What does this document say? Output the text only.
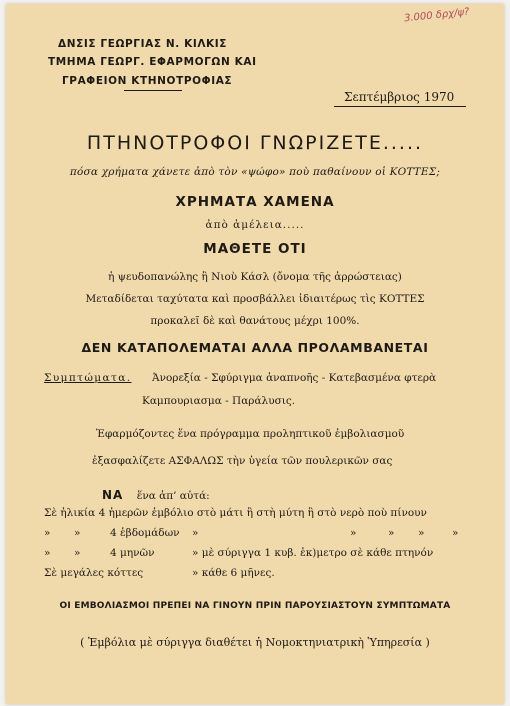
3.000 δρχ/ψ?
ΔΝΣΙΣ ΓΕΩΡΓΙΑΣ Ν. ΚΙΛΚΙΣ
ΤΜΗΜΑ ΓΕΩΡΓ. ΕΦΑΡΜΟΓΩΝ ΚΑΙ
ΓΡΑΦΕΙΟΝ ΚΤΗΝΟΤΡΟΦΙΑΣ
Σεπτέμβριος 1970
ΠΤΗΝΟΤΡΟΦΟΙ ΓΝΩΡΙΖΕΤΕ.....
πόσα χρήματα χάνετε ἀπὸ τὸν «ψώφο» ποὺ παθαίνουν οἱ ΚΟΤΤΕΣ;
ΧΡΗΜΑΤΑ ΧΑΜΕΝΑ
ἀπὸ ἀμέλεια.....
ΜΑΘΕΤΕ ΟΤΙ
ἡ ψευδοπανώλης ἢ Νιοὺ Κάσλ (ὄνομα τῆς ἀρρώστειας)
Μεταδίδεται ταχύτατα καὶ προσβάλλει ἰδιαιτέρως τὶς ΚΟΤΤΕΣ
προκαλεῖ δὲ καὶ θανάτους μέχρι 100%.
ΔΕΝ ΚΑΤΑΠΟΛΕΜΑΤΑΙ ΑΛΛΑ ΠΡΟΛΑΜΒΑΝΕΤΑΙ
Συμπτώματα. Ἀνορεξία - Σφύριγμα ἀναπνοῆς - Κατεβασμένα φτερὰ
Καμπουριασμα - Παράλυσις.
Ἐφαρμόζοντες ἕνα πρόγραμμα προληπτικοῦ ἐμβολιασμοῦ
ἐξασφαλίζετε ΑΣΦΑΛΩΣ τὴν ὑγεία τῶν πουλερικῶν σας
ΝΑ ἕνα ἀπ’ αὐτά:
Σὲ ἡλικία 4 ἡμερῶν ἐμβόλιο στὸ μάτι ἢ στὴ μύτη ἢ στὸ νερὸ ποὺ πίνουν
» »	4 ἑβδομάδων »	»	» »	»
» »	4 μηνῶν	» μὲ σύριγγα 1 κυβ. ἑκ)μετρο σὲ κάθε πτηνόν
Σὲ μεγάλες κόττες	» κάθε 6 μῆνες.
ΟΙ ΕΜΒΟΛΙΑΣΜΟΙ ΠΡΕΠΕΙ ΝΑ ΓΙΝΟΥΝ ΠΡΙΝ ΠΑΡΟΥΣΙΑΣΤΟΥΝ ΣΥΜΠΤΩΜΑΤΑ
( Ἐμβόλια μὲ σύριγγα διαθέτει ἡ Νομοκτηνιατρικὴ Ὑπηρεσία )
